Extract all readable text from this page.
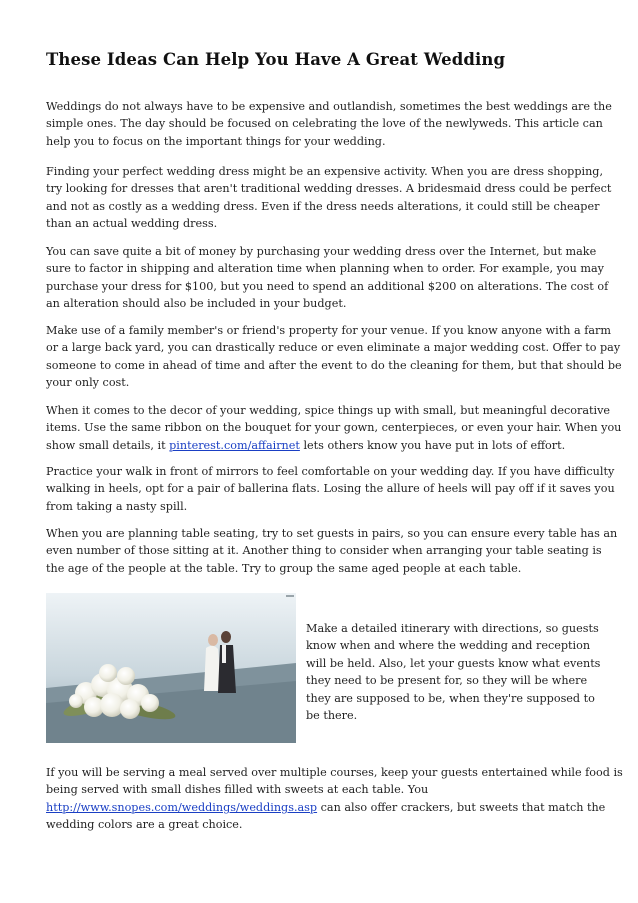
These Ideas Can Help You Have A Great Wedding

Weddings do not always have to be expensive and outlandish, sometimes the best weddings are the
simple ones. The day should be focused on celebrating the love of the newlyweds. This article can
help you to focus on the important things for your wedding.

Finding your perfect wedding dress might be an expensive activity. When you are dress shopping,
try looking for dresses that aren't traditional wedding dresses. A bridesmaid dress could be perfect
and not as costly as a wedding dress. Even if the dress needs alterations, it could still be cheaper
than an actual wedding dress.

You can save quite a bit of money by purchasing your wedding dress over the Internet, but make
sure to factor in shipping and alteration time when planning when to order. For example, you may
purchase your dress for $100, but you need to spend an additional $200 on alterations. The cost of
an alteration should also be included in your budget.

Make use of a family member's or friend's property for your venue. If you know anyone with a farm
or a large back yard, you can drastically reduce or even eliminate a major wedding cost. Offer to pay
someone to come in ahead of time and after the event to do the cleaning for them, but that should be
your only cost.

When it comes to the decor of your wedding, spice things up with small, but meaningful decorative
items. Use the same ribbon on the bouquet for your gown, centerpieces, or even your hair. When you
show small details, it pinterest.com/affairnet lets others know you have put in lots of effort.

Practice your walk in front of mirrors to feel comfortable on your wedding day. If you have difficulty
walking in heels, opt for a pair of ballerina flats. Losing the allure of heels will pay off if it saves you
from taking a nasty spill.

When you are planning table seating, try to set guests in pairs, so you can ensure every table has an
even number of those sitting at it. Another thing to consider when arranging your table seating is
the age of the people at the table. Try to group the same aged people at each table.

Make a detailed itinerary with directions, so guests
know when and where the wedding and reception
will be held. Also, let your guests know what events
they need to be present for, so they will be where
they are supposed to be, when they're supposed to
be there.

If you will be serving a meal served over multiple courses, keep your guests entertained while food is
being served with small dishes filled with sweets at each table. You
http://www.snopes.com/weddings/weddings.asp can also offer crackers, but sweets that match the
wedding colors are a great choice.
